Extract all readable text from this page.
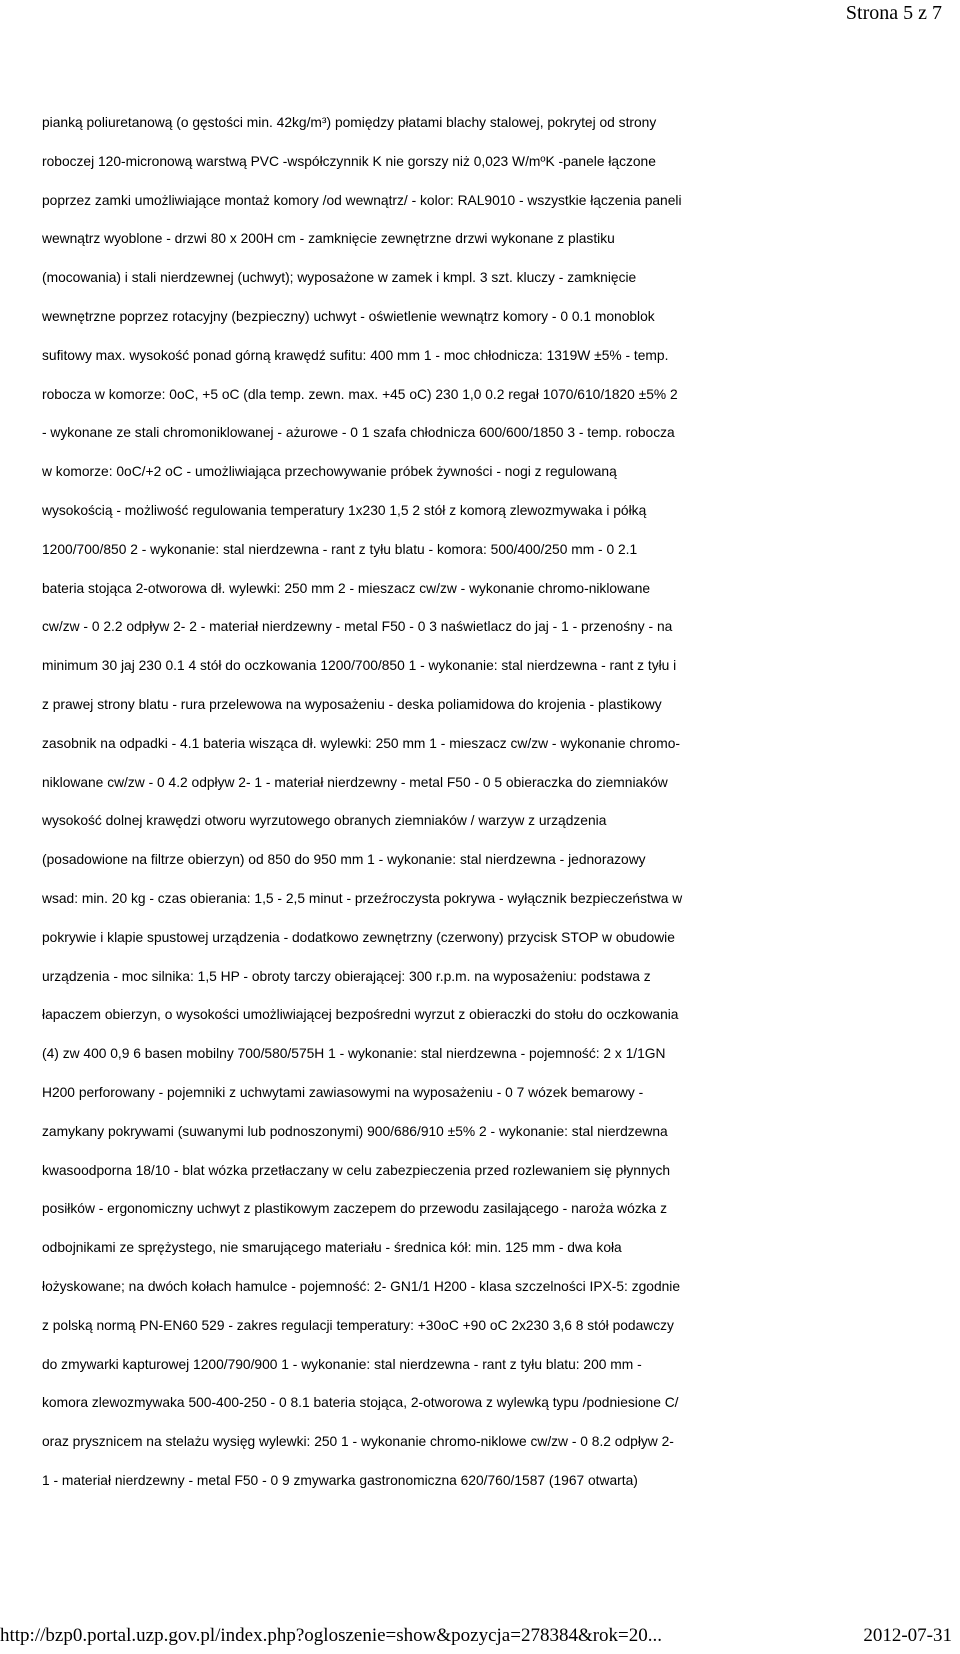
Strona 5 z 7
pianką poliuretanową (o gęstości min. 42kg/m³) pomiędzy płatami blachy stalowej, pokrytej od strony
roboczej 120-micronową warstwą PVC -współczynnik K nie gorszy niż 0,023 W/mºK -panele łączone
poprzez zamki umożliwiające montaż komory /od wewnątrz/ - kolor: RAL9010 - wszystkie łączenia paneli
wewnątrz wyoblone - drzwi 80 x 200H cm - zamknięcie zewnętrzne drzwi wykonane z plastiku
(mocowania) i stali nierdzewnej (uchwyt); wyposażone w zamek i kmpl. 3 szt. kluczy - zamknięcie
wewnętrzne poprzez rotacyjny (bezpieczny) uchwyt - oświetlenie wewnątrz komory - 0 0.1 monoblok
sufitowy max. wysokość ponad górną krawędź sufitu: 400 mm 1 - moc chłodnicza: 1319W ±5% - temp.
robocza w komorze: 0oC, +5 oC (dla temp. zewn. max. +45 oC) 230 1,0 0.2 regał 1070/610/1820 ±5% 2
- wykonane ze stali chromoniklowanej - ażurowe - 0 1 szafa chłodnicza 600/600/1850 3 - temp. robocza
w komorze: 0oC/+2 oC - umożliwiająca przechowywanie próbek żywności - nogi z regulowaną
wysokością - możliwość regulowania temperatury 1x230 1,5 2 stół z komorą zlewozmywaka i półką
1200/700/850 2 - wykonanie: stal nierdzewna - rant z tyłu blatu - komora: 500/400/250 mm - 0 2.1
bateria stojąca 2-otworowa dł. wylewki: 250 mm 2 - mieszacz cw/zw - wykonanie chromo-niklowane
cw/zw - 0 2.2 odpływ 2- 2 - materiał nierdzewny - metal F50 - 0 3 naświetlacz do jaj - 1 - przenośny - na
minimum 30 jaj 230 0.1 4 stół do oczkowania 1200/700/850 1 - wykonanie: stal nierdzewna - rant z tyłu i
z prawej strony blatu - rura przelewowa na wyposażeniu - deska poliamidowa do krojenia - plastikowy
zasobnik na odpadki - 4.1 bateria wisząca dł. wylewki: 250 mm 1 - mieszacz cw/zw - wykonanie chromo-
niklowane cw/zw - 0 4.2 odpływ 2- 1 - materiał nierdzewny - metal F50 - 0 5 obieraczka do ziemniaków
wysokość dolnej krawędzi otworu wyrzutowego obranych ziemniaków / warzyw z urządzenia
(posadowione na filtrze obierzyn) od 850 do 950 mm 1 - wykonanie: stal nierdzewna - jednorazowy
wsad: min. 20 kg - czas obierania: 1,5 - 2,5 minut - przeźroczysta pokrywa - wyłącznik bezpieczeństwa w
pokrywie i klapie spustowej urządzenia - dodatkowo zewnętrzny (czerwony) przycisk STOP w obudowie
urządzenia - moc silnika: 1,5 HP - obroty tarczy obierającej: 300 r.p.m. na wyposażeniu: podstawa z
łapaczem obierzyn, o wysokości umożliwiającej bezpośredni wyrzut z obieraczki do stołu do oczkowania
(4) zw 400 0,9 6 basen mobilny 700/580/575H 1 - wykonanie: stal nierdzewna - pojemność: 2 x 1/1GN
H200 perforowany - pojemniki z uchwytami zawiasowymi na wyposażeniu - 0 7 wózek bemarowy -
zamykany pokrywami (suwanymi lub podnoszonymi) 900/686/910 ±5% 2 - wykonanie: stal nierdzewna
kwasoodporna 18/10 - blat wózka przetłaczany w celu zabezpieczenia przed rozlewaniem się płynnych
posiłków - ergonomiczny uchwyt z plastikowym zaczepem do przewodu zasilającego - naroża wózka z
odbojnikami ze sprężystego, nie smarującego materiału - średnica kół: min. 125 mm - dwa koła
łożyskowane; na dwóch kołach hamulce - pojemność: 2- GN1/1 H200 - klasa szczelności IPX-5: zgodnie
z polską normą PN-EN60 529 - zakres regulacji temperatury: +30oC +90 oC 2x230 3,6 8 stół podawczy
do zmywarki kapturowej 1200/790/900 1 - wykonanie: stal nierdzewna - rant z tyłu blatu: 200 mm -
komora zlewozmywaka 500-400-250 - 0 8.1 bateria stojąca, 2-otworowa z wylewką typu /podniesione C/
oraz prysznicem na stelażu wysięg wylewki: 250 1 - wykonanie chromo-niklowe cw/zw - 0 8.2 odpływ 2-
1 - materiał nierdzewny - metal F50 - 0 9 zmywarka gastronomiczna 620/760/1587 (1967 otwarta)
http://bzp0.portal.uzp.gov.pl/index.php?ogloszenie=show&pozycja=278384&rok=20...	2012-07-31
